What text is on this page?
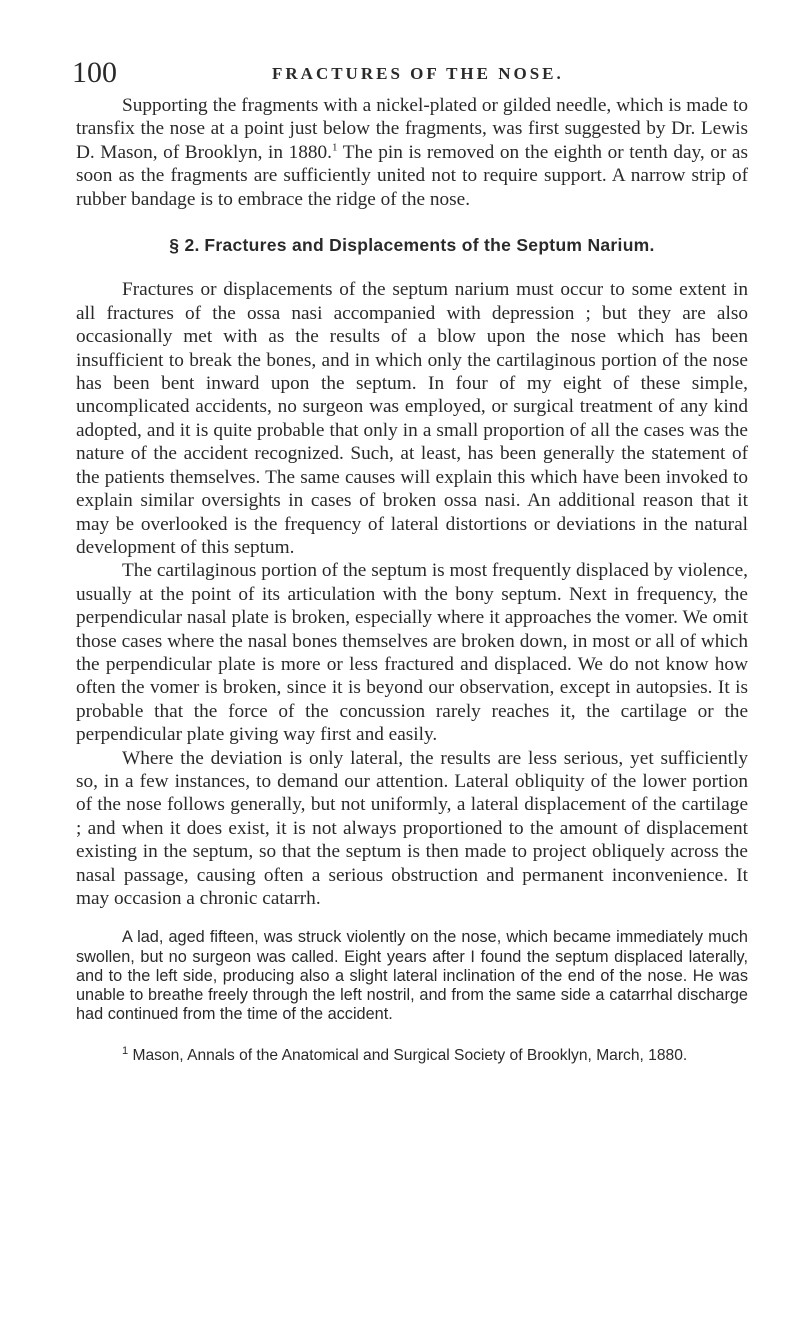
100	FRACTURES OF THE NOSE.

Supporting the fragments with a nickel-plated or gilded needle, which is made to transfix the nose at a point just below the fragments, was first suggested by Dr. Lewis D. Mason, of Brooklyn, in 1880.$^1$ The pin is removed on the eighth or tenth day, or as soon as the fragments are sufficiently united not to require support. A narrow strip of rubber bandage is to embrace the ridge of the nose.

§ 2. Fractures and Displacements of the Septum Narium.

Fractures or displacements of the septum narium must occur to some extent in all fractures of the ossa nasi accompanied with depression ; but they are also occasionally met with as the results of a blow upon the nose which has been insufficient to break the bones, and in which only the cartilaginous portion of the nose has been bent inward upon the septum. In four of my eight of these simple, uncomplicated accidents, no surgeon was employed, or surgical treatment of any kind adopted, and it is quite probable that only in a small proportion of all the cases was the nature of the accident recognized. Such, at least, has been generally the statement of the patients themselves. The same causes will explain this which have been invoked to explain similar oversights in cases of broken ossa nasi. An additional reason that it may be overlooked is the frequency of lateral distortions or deviations in the natural development of this septum.

The cartilaginous portion of the septum is most frequently displaced by violence, usually at the point of its articulation with the bony septum. Next in frequency, the perpendicular nasal plate is broken, especially where it approaches the vomer. We omit those cases where the nasal bones themselves are broken down, in most or all of which the perpendicular plate is more or less fractured and displaced. We do not know how often the vomer is broken, since it is beyond our observation, except in autopsies. It is probable that the force of the concussion rarely reaches it, the cartilage or the perpendicular plate giving way first and easily.

Where the deviation is only lateral, the results are less serious, yet sufficiently so, in a few instances, to demand our attention. Lateral obliquity of the lower portion of the nose follows generally, but not uniformly, a lateral displacement of the cartilage ; and when it does exist, it is not always proportioned to the amount of displacement existing in the septum, so that the septum is then made to project obliquely across the nasal passage, causing often a serious obstruction and permanent inconvenience. It may occasion a chronic catarrh.

A lad, aged fifteen, was struck violently on the nose, which became immediately much swollen, but no surgeon was called. Eight years after I found the septum displaced laterally, and to the left side, producing also a slight lateral inclination of the end of the nose. He was unable to breathe freely through the left nostril, and from the same side a catarrhal discharge had continued from the time of the accident.

$^1$ Mason, Annals of the Anatomical and Surgical Society of Brooklyn, March, 1880.
